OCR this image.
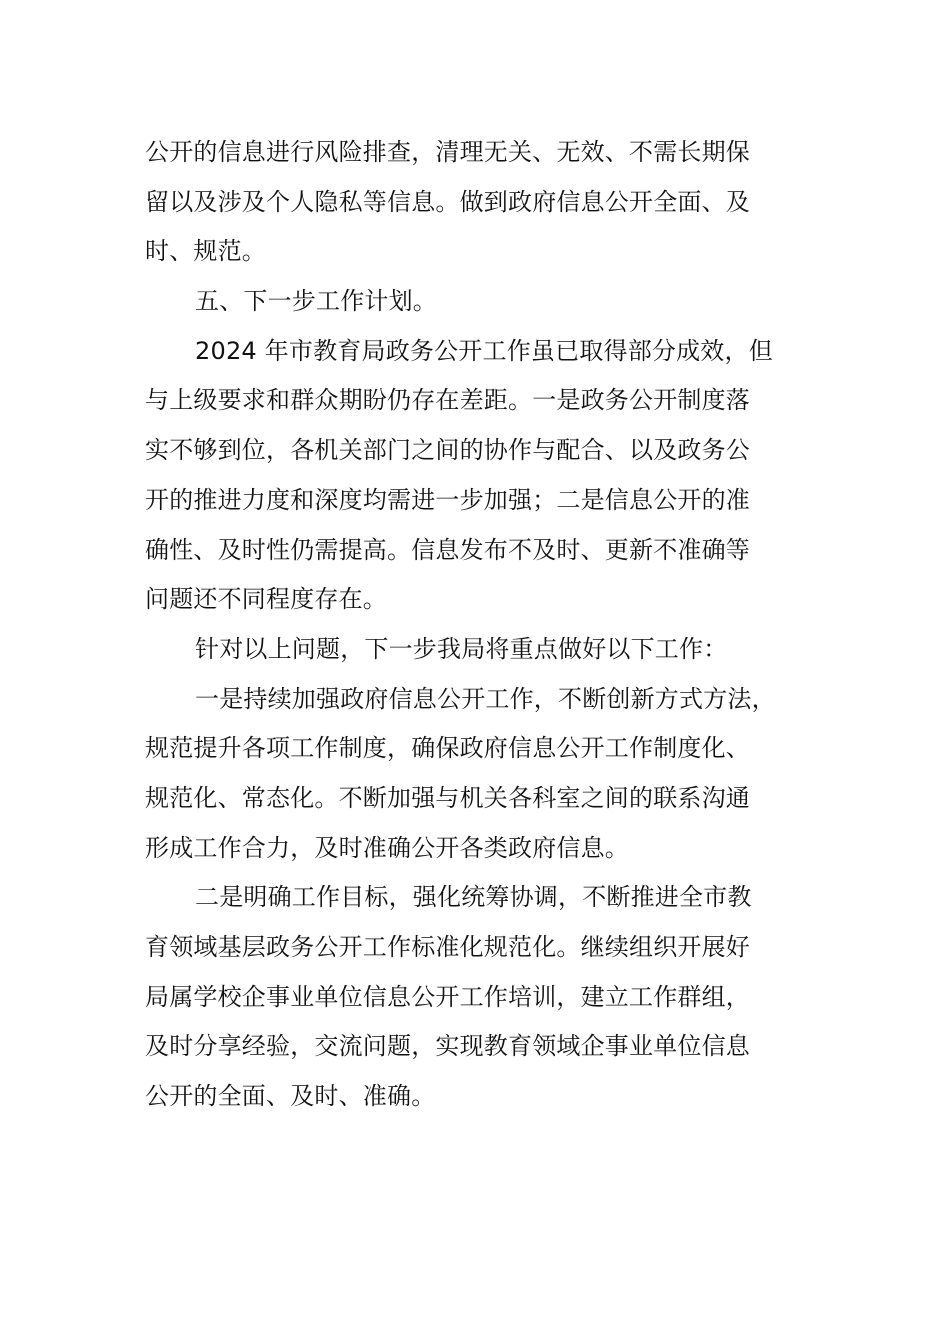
公开的信息进行风险排查，清理无关、无效、不需长期保
留以及涉及个人隐私等信息。做到政府信息公开全面、及
时、规范。
五、下一步工作计划。
2024 年市教育局政务公开工作虽已取得部分成效，但
与上级要求和群众期盼仍存在差距。一是政务公开制度落
实不够到位，各机关部门之间的协作与配合、以及政务公
开的推进力度和深度均需进一步加强；二是信息公开的准
确性、及时性仍需提高。信息发布不及时、更新不准确等
问题还不同程度存在。
针对以上问题，下一步我局将重点做好以下工作：
一是持续加强政府信息公开工作，不断创新方式方法，
规范提升各项工作制度，确保政府信息公开工作制度化、
规范化、常态化。不断加强与机关各科室之间的联系沟通
形成工作合力，及时准确公开各类政府信息。
二是明确工作目标，强化统筹协调，不断推进全市教
育领域基层政务公开工作标准化规范化。继续组织开展好
局属学校企事业单位信息公开工作培训，建立工作群组，
及时分享经验，交流问题，实现教育领域企事业单位信息
公开的全面、及时、准确。
